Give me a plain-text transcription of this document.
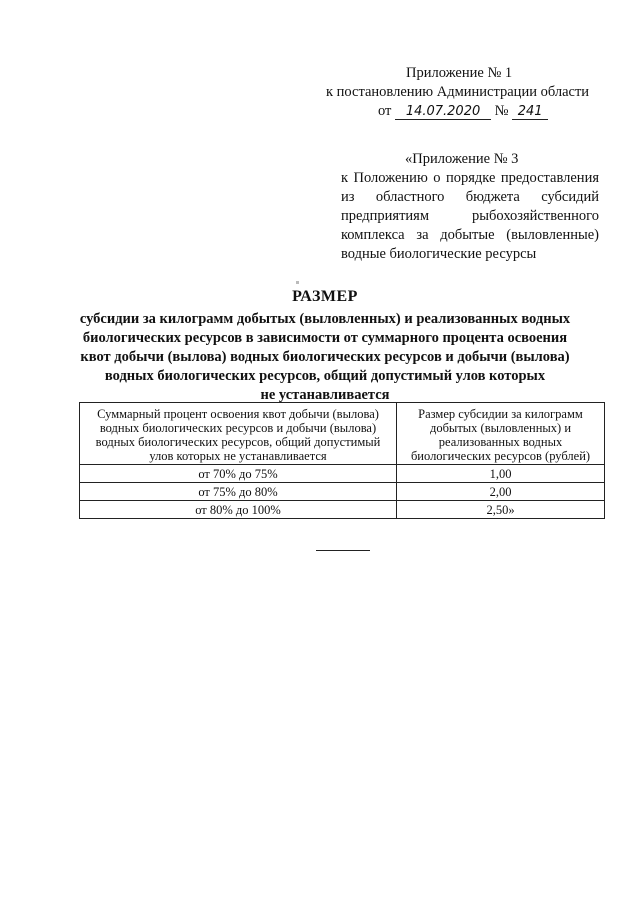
Приложение № 1
к постановлению Администрации области
от 14.07.2020 № 241
«Приложение № 3
к Положению о порядке предоставления из областного бюджета субсидий предприятиям рыбохозяйственного комплекса за добытые (выловленные) водные биологические ресурсы
РАЗМЕР
субсидии за килограмм добытых (выловленных) и реализованных водных
биологических ресурсов в зависимости от суммарного процента освоения
квот добычи (вылова) водных биологических ресурсов и добычи (вылова)
водных биологических ресурсов, общий допустимый улов которых
не устанавливается
Суммарный процент освоения квот добычи (вылова) водных биологических ресурсов и добычи (вылова) водных биологических ресурсов, общий допустимый улов которых не устанавливается	Размер субсидии за килограмм добытых (выловленных) и реализованных водных биологических ресурсов (рублей)
от 70% до 75%	1,00
от 75% до 80%	2,00
от 80% до 100%	2,50»
